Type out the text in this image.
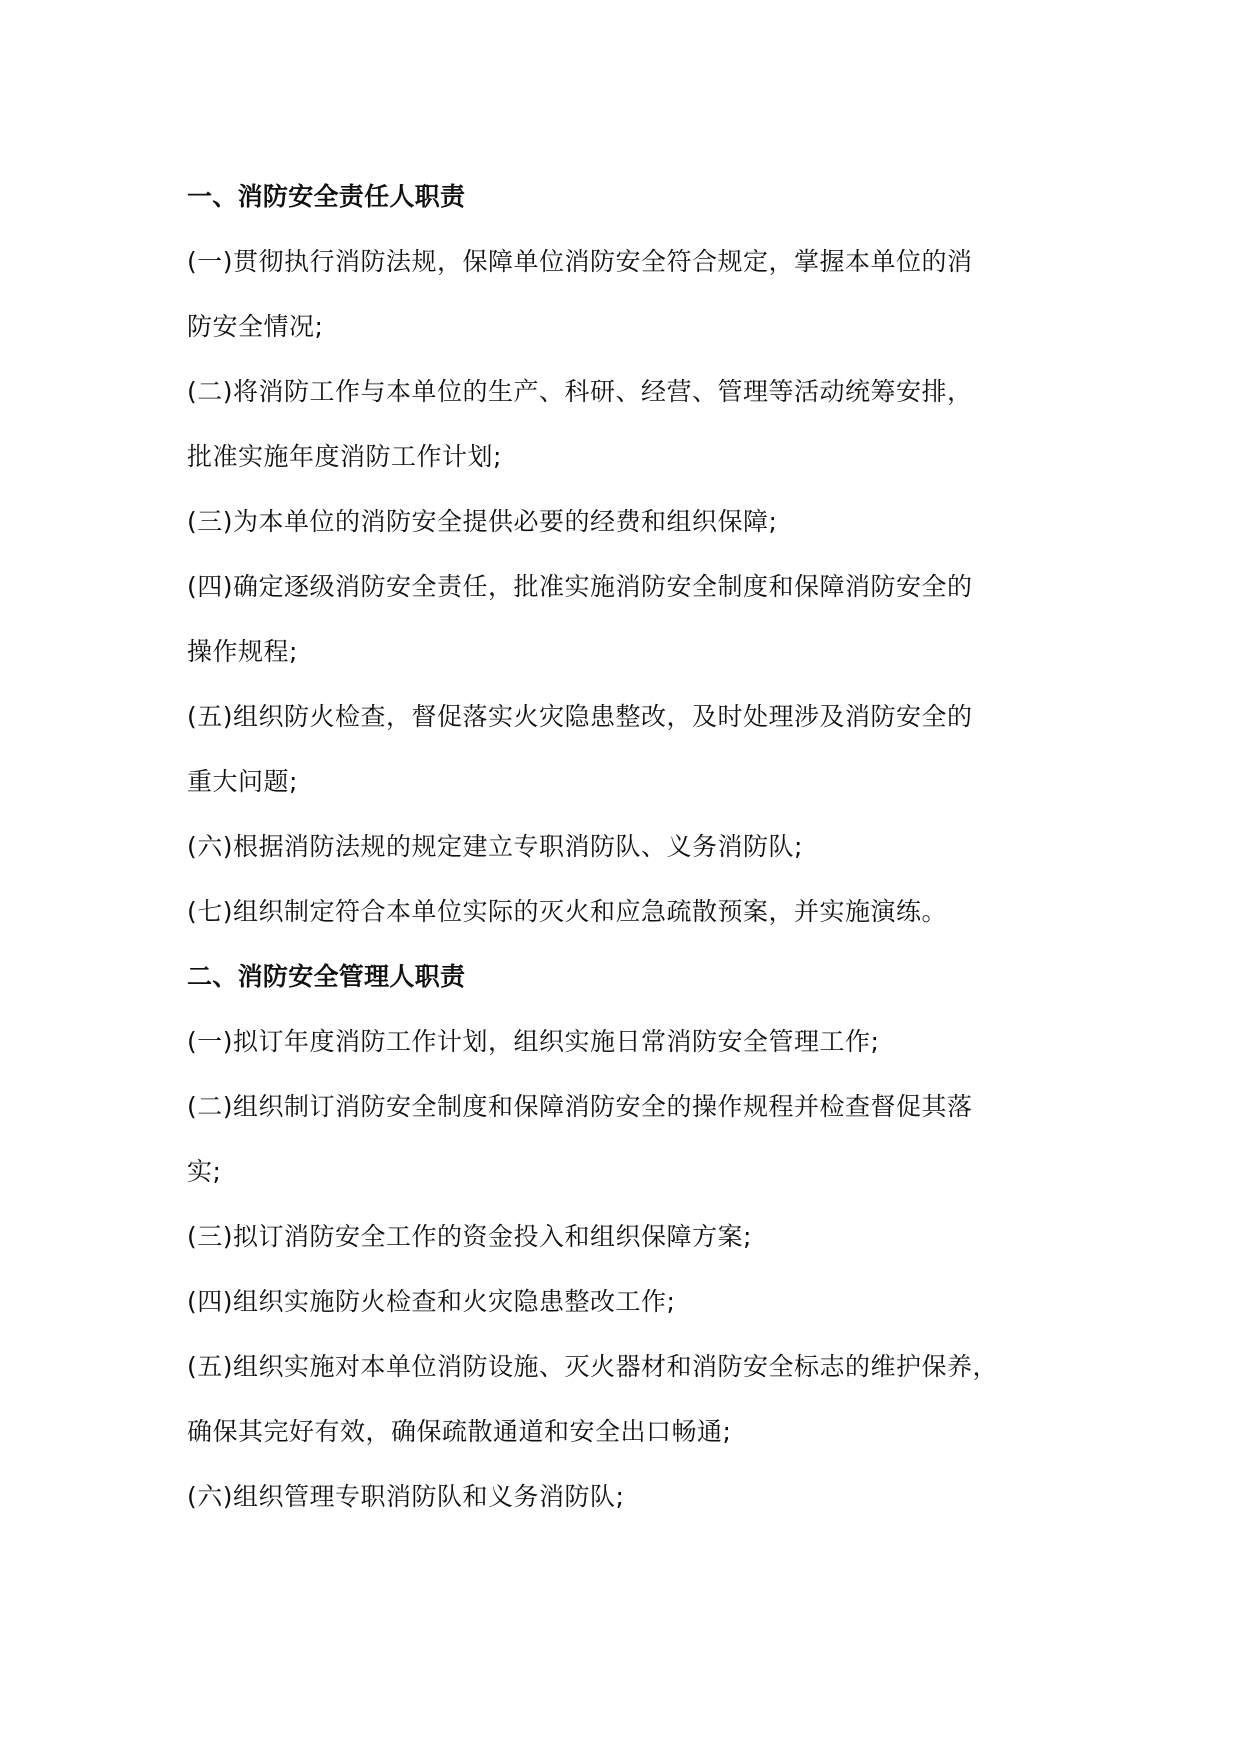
一、消防安全责任人职责
(一)贯彻执行消防法规，保障单位消防安全符合规定，掌握本单位的消
防安全情况;
(二)将消防工作与本单位的生产、科研、经营、管理等活动统筹安排，
批准实施年度消防工作计划;
(三)为本单位的消防安全提供必要的经费和组织保障;
(四)确定逐级消防安全责任，批准实施消防安全制度和保障消防安全的
操作规程;
(五)组织防火检查，督促落实火灾隐患整改，及时处理涉及消防安全的
重大问题;
(六)根据消防法规的规定建立专职消防队、义务消防队;
(七)组织制定符合本单位实际的灭火和应急疏散预案，并实施演练。
二、消防安全管理人职责
(一)拟订年度消防工作计划，组织实施日常消防安全管理工作;
(二)组织制订消防安全制度和保障消防安全的操作规程并检查督促其落
实;
(三)拟订消防安全工作的资金投入和组织保障方案;
(四)组织实施防火检查和火灾隐患整改工作;
(五)组织实施对本单位消防设施、灭火器材和消防安全标志的维护保养，
确保其完好有效，确保疏散通道和安全出口畅通;
(六)组织管理专职消防队和义务消防队;
